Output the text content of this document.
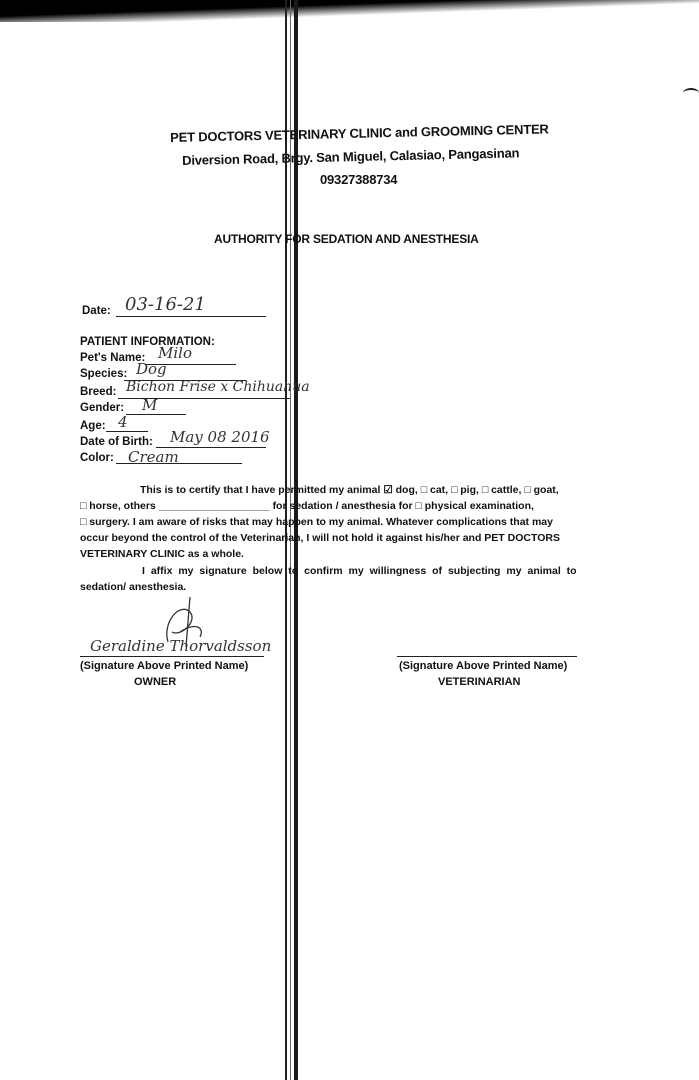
PET DOCTORS VETERINARY CLINIC and GROOMING CENTER
Diversion Road, Brgy. San Miguel, Calasiao, Pangasinan
09327388734
AUTHORITY FOR SEDATION AND ANESTHESIA
Date: 03-16-21
PATIENT INFORMATION:
Pet's Name: Milo
Species: Dog
Breed: Bichon Frise x Chihuahua
Gender: M
Age: 4
Date of Birth: May 08 2016
Color: Cream
This is to certify that I have permitted my animal ☑ dog, □ cat, □ pig, □ cattle, □ goat,
□ horse, others ___________________ for sedation / anesthesia for □ physical examination,
□ surgery. I am aware of risks that may happen to my animal. Whatever complications that may
occur beyond the control of the Veterinarian, I will not hold it against his/her and PET DOCTORS
VETERINARY CLINIC as a whole.
I affix my signature below to confirm my willingness of subjecting my animal to
sedation/ anesthesia.
Geraldine Thorvaldsson
(Signature Above Printed Name)
OWNER
(Signature Above Printed Name)
VETERINARIAN
